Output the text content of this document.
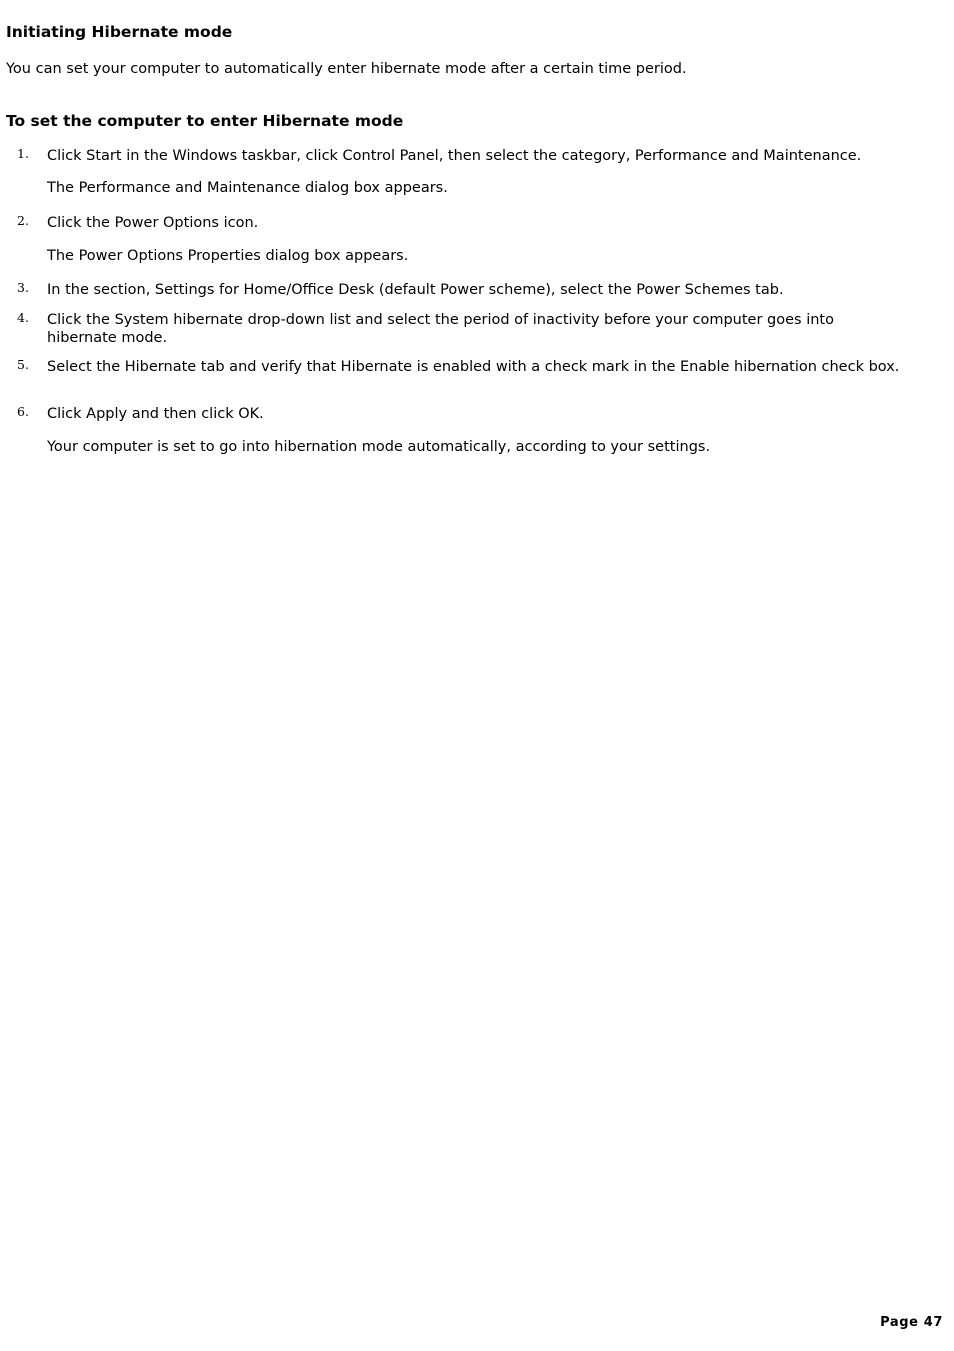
Initiating Hibernate mode

You can set your computer to automatically enter hibernate mode after a certain time period.

To set the computer to enter Hibernate mode
1. Click Start in the Windows taskbar, click Control Panel, then select the category, Performance and Maintenance.

The Performance and Maintenance dialog box appears.

2. Click the Power Options icon.

The Power Options Properties dialog box appears.

3. In the section, Settings for Home/Office Desk (default Power scheme), select the Power Schemes tab.

4. Click the System hibernate drop-down list and select the period of inactivity before your computer goes into hibernate mode.

5. Select the Hibernate tab and verify that Hibernate is enabled with a check mark in the Enable hibernation check box.

6. Click Apply and then click OK.

Your computer is set to go into hibernation mode automatically, according to your settings.

Page 47
